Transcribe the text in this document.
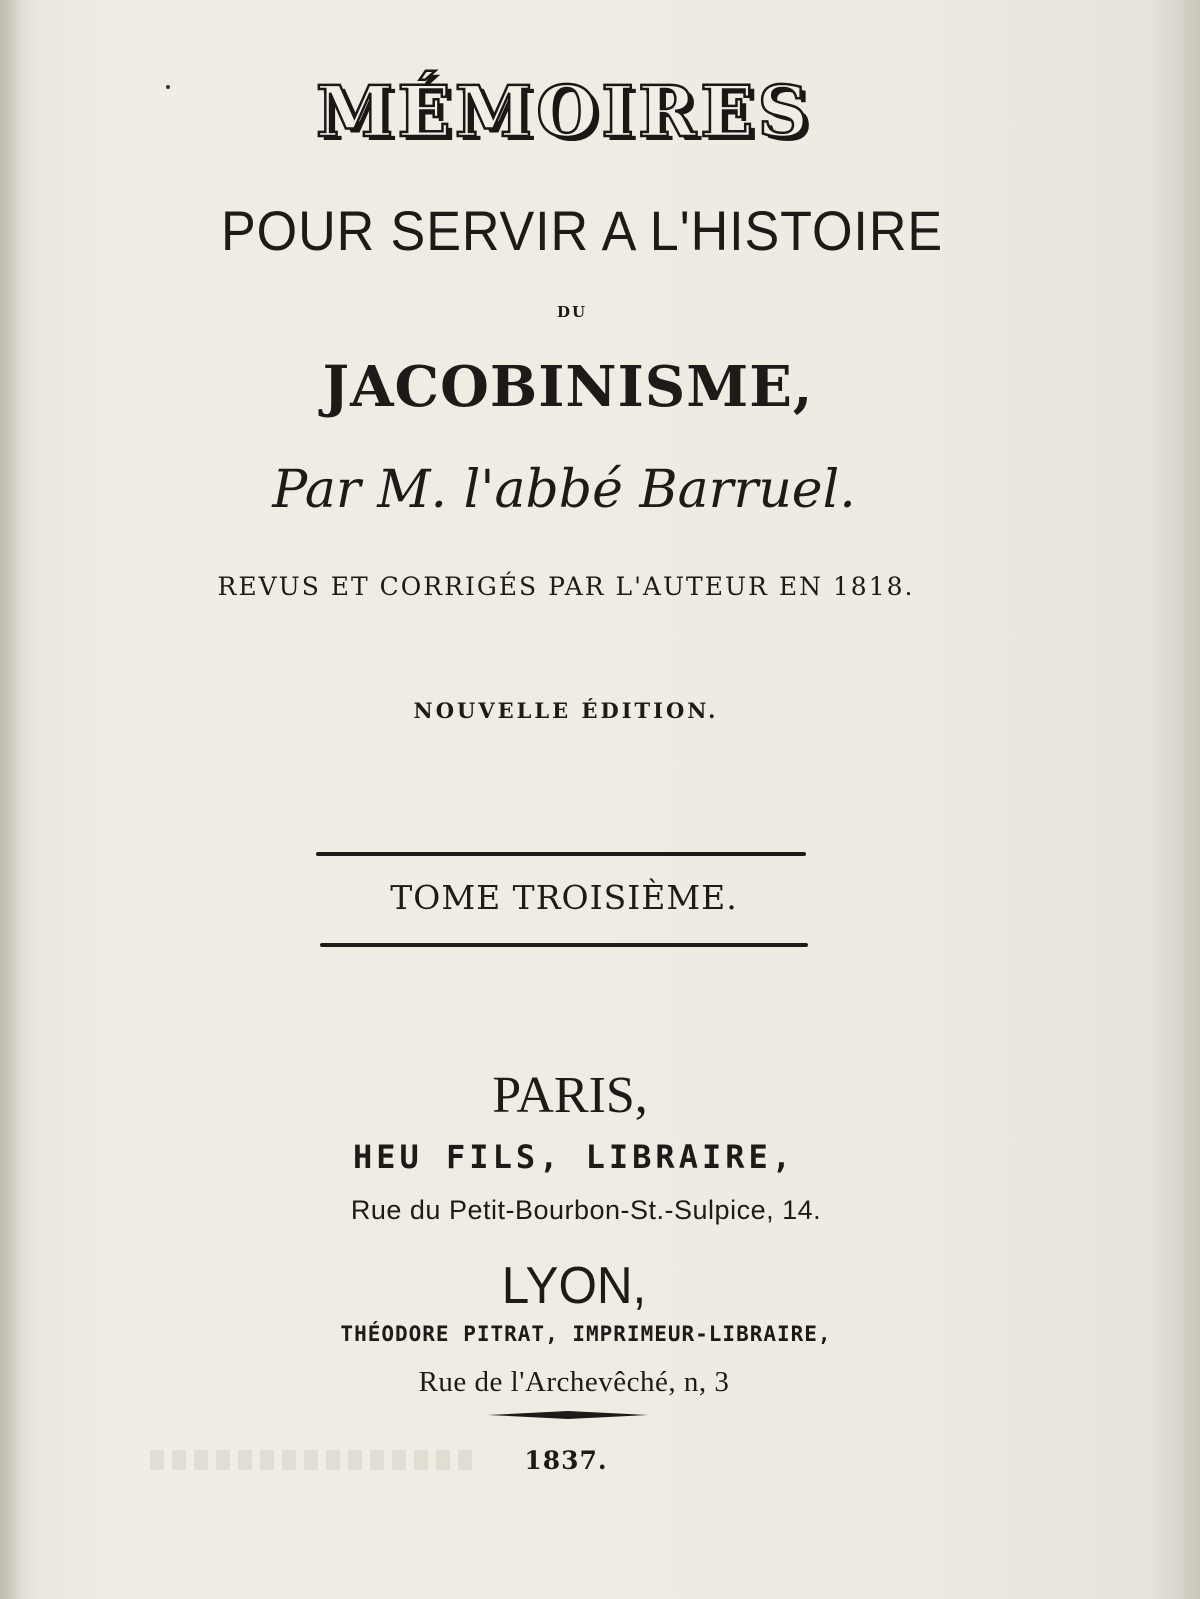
MÉMOIRES
POUR SERVIR A L'HISTOIRE
DU
JACOBINISME,
Par M. l'abbé Barruel.
REVUS ET CORRIGÉS PAR L'AUTEUR EN 1818.
NOUVELLE ÉDITION.
TOME TROISIÈME.
PARIS,
HEU FILS, LIBRAIRE,
Rue du Petit-Bourbon-St.-Sulpice, 14.
LYON,
THÉODORE PITRAT, IMPRIMEUR-LIBRAIRE,
Rue de l'Archevêché, n, 3
1837.
